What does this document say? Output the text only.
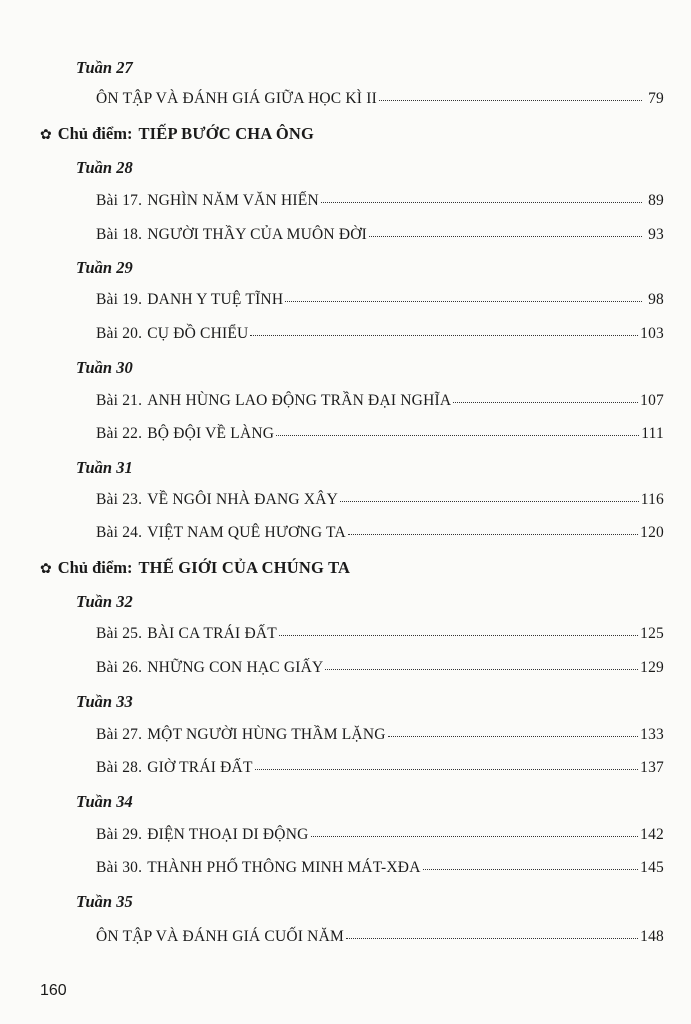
Tuần 27
ÔN TẬP VÀ ĐÁNH GIÁ GIỮA HỌC KÌ II	79
✿ Chủ điểm: TIẾP BƯỚC CHA ÔNG
Tuần 28
Bài 17. NGHÌN NĂM VĂN HIẾN	89
Bài 18. NGƯỜI THẦY CỦA MUÔN ĐỜI	93
Tuần 29
Bài 19. DANH Y TUỆ TĨNH	98
Bài 20. CỤ ĐỒ CHIỂU	103
Tuần 30
Bài 21. ANH HÙNG LAO ĐỘNG TRẦN ĐẠI NGHĨA	107
Bài 22. BỘ ĐỘI VỀ LÀNG	111
Tuần 31
Bài 23. VỀ NGÔI NHÀ ĐANG XÂY	116
Bài 24. VIỆT NAM QUÊ HƯƠNG TA	120
✿ Chủ điểm: THẾ GIỚI CỦA CHÚNG TA
Tuần 32
Bài 25. BÀI CA TRÁI ĐẤT	125
Bài 26. NHỮNG CON HẠC GIẤY	129
Tuần 33
Bài 27. MỘT NGƯỜI HÙNG THẦM LẶNG	133
Bài 28. GIỜ TRÁI ĐẤT	137
Tuần 34
Bài 29. ĐIỆN THOẠI DI ĐỘNG	142
Bài 30. THÀNH PHỐ THÔNG MINH MÁT-XĐA	145
Tuần 35
ÔN TẬP VÀ ĐÁNH GIÁ CUỐI NĂM	148
160
